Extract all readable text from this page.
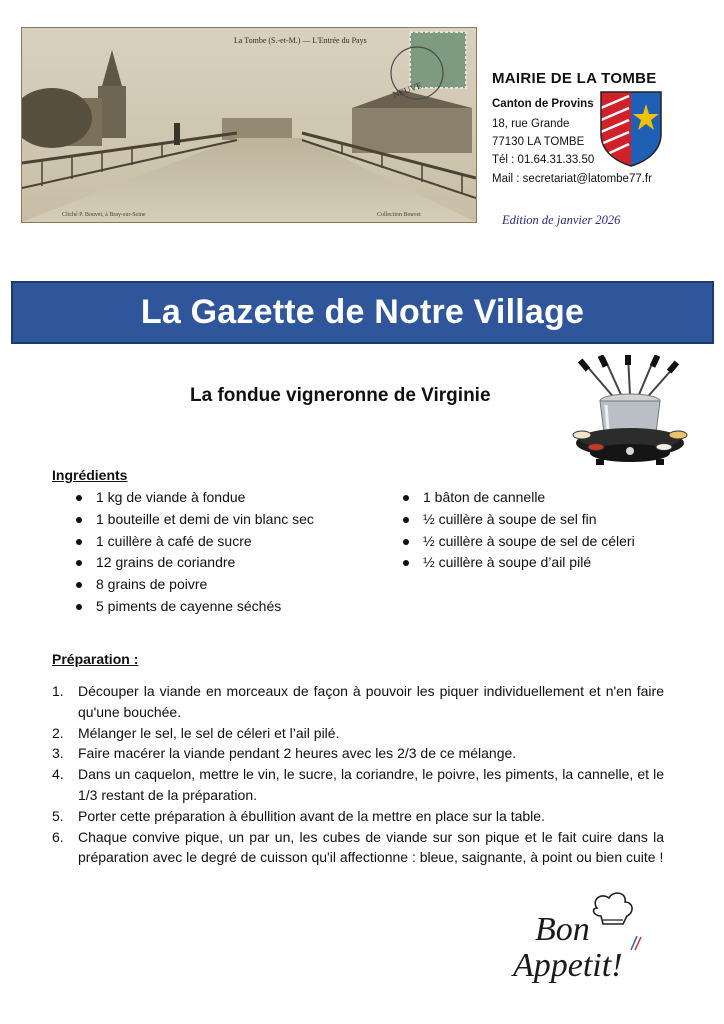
NEUVE
La Tombe (S.-et-M.) — L'Entrée du Pays
Cliché P. Bouvet, à Bray-sur-Seine	Collection Bouvet
MAIRIE DE LA TOMBE
Canton de Provins
18, rue Grande
77130 LA TOMBE
Tél : 01.64.31.33.50
Mail : secretariat@latombe77.fr
Edition de janvier 2026
La Gazette de Notre Village
La fondue vigneronne de Virginie
Ingrédients
1 kg de viande à fondue
1 bouteille et demi de vin blanc sec
1 cuillère à café de sucre
12 grains de coriandre
8 grains de poivre
5 piments de cayenne séchés
1 bâton de cannelle
½ cuillère à soupe de sel fin
½ cuillère à soupe de sel de céleri
½ cuillère à soupe d’ail pilé
Préparation :
1. Découper la viande en morceaux de façon à pouvoir les piquer individuellement et n'en faire qu'une bouchée.
2. Mélanger le sel, le sel de céleri et l’ail pilé.
3. Faire macérer la viande pendant 2 heures avec les 2/3 de ce mélange.
4. Dans un caquelon, mettre le vin, le sucre, la coriandre, le poivre, les piments, la cannelle, et le 1/3 restant de la préparation.
5. Porter cette préparation à ébullition avant de la mettre en place sur la table.
6. Chaque convive pique, un par un, les cubes de viande sur son pique et le fait cuire dans la préparation avec le degré de cuisson qu'il affectionne : bleue, saignante, à point ou bien cuite !
Bon
Appetit!
